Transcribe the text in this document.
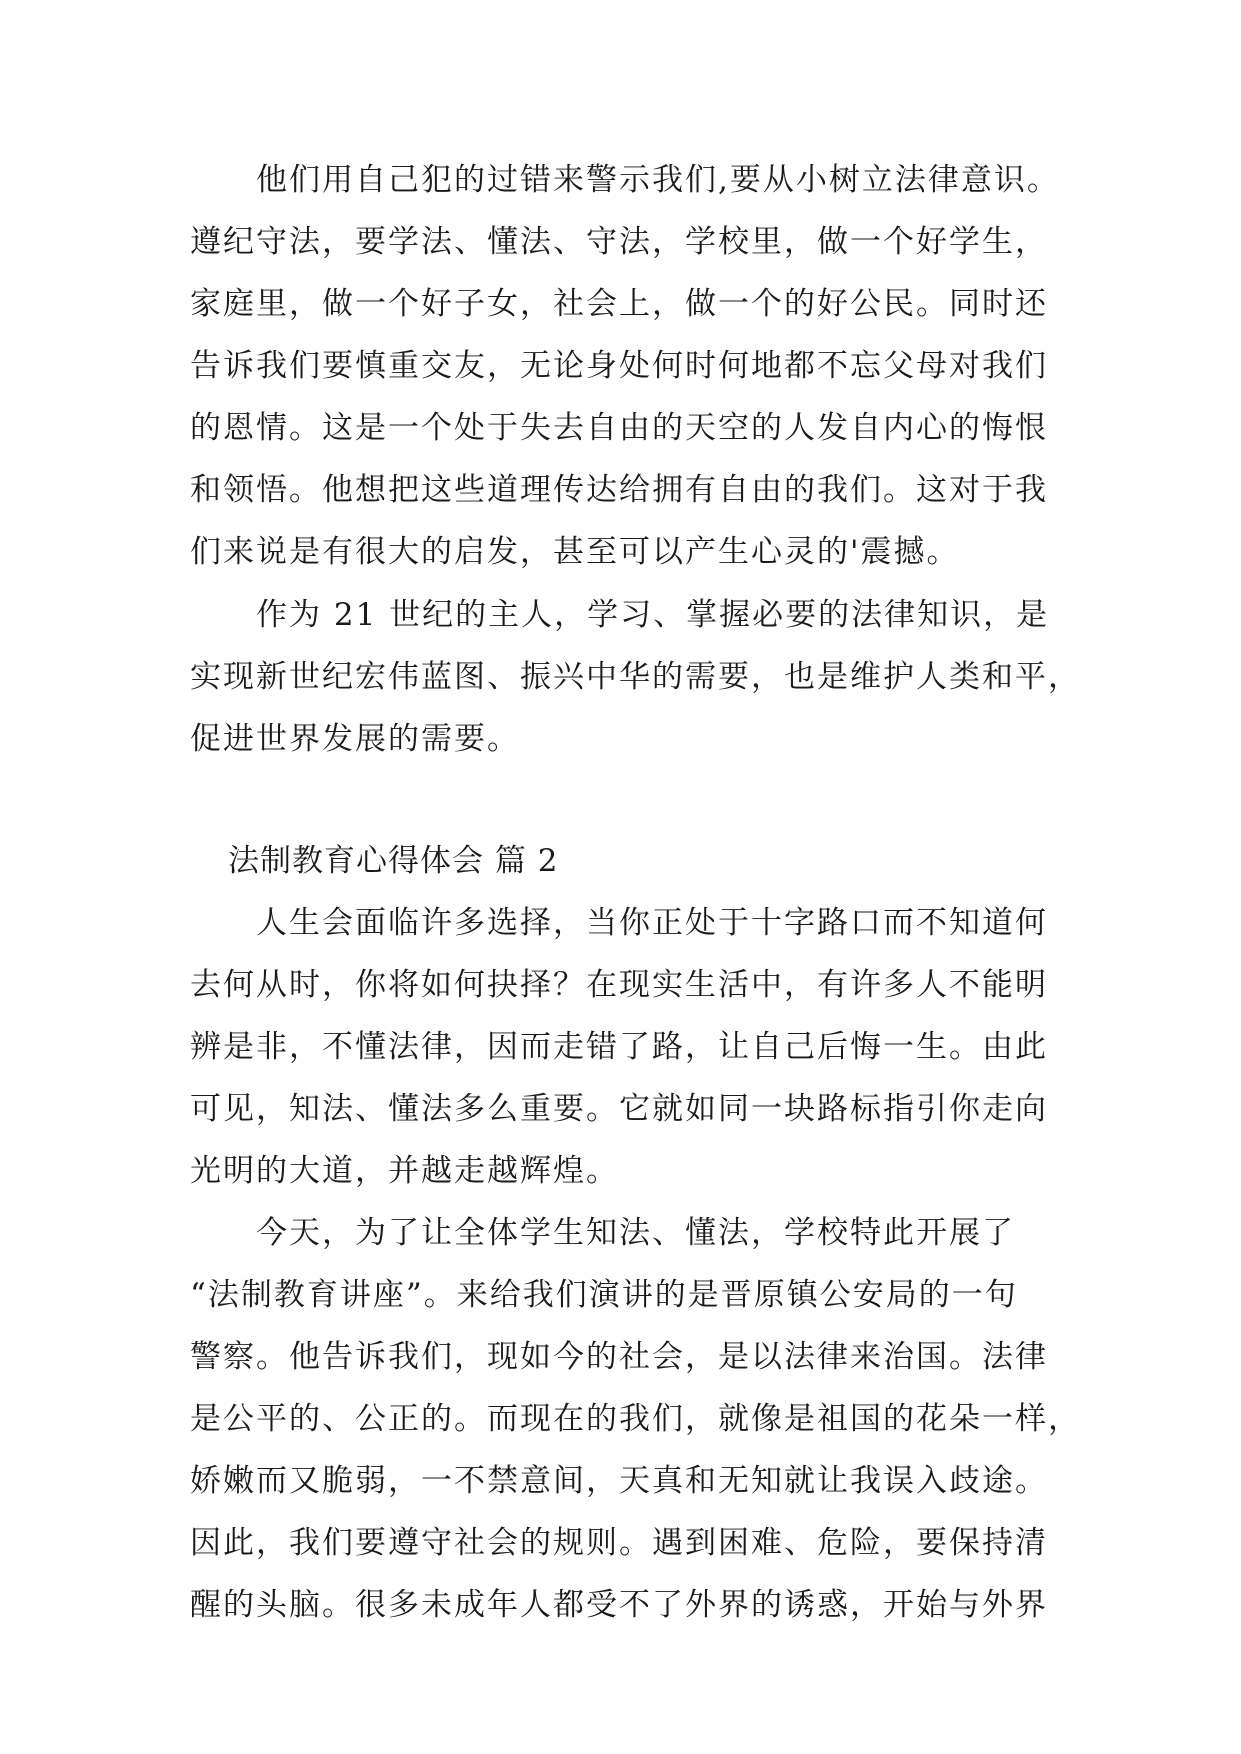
他们用自己犯的过错来警示我们,要从小树立法律意识。
遵纪守法，要学法、懂法、守法，学校里，做一个好学生，
家庭里，做一个好子女，社会上，做一个的好公民。同时还
告诉我们要慎重交友，无论身处何时何地都不忘父母对我们
的恩情。这是一个处于失去自由的天空的人发自内心的悔恨
和领悟。他想把这些道理传达给拥有自由的我们。这对于我
们来说是有很大的启发，甚至可以产生心灵的'震撼。
作为 21 世纪的主人，学习、掌握必要的法律知识，是
实现新世纪宏伟蓝图、振兴中华的需要，也是维护人类和平，
促进世界发展的需要。
法制教育心得体会 篇 2
人生会面临许多选择，当你正处于十字路口而不知道何
去何从时，你将如何抉择？在现实生活中，有许多人不能明
辨是非，不懂法律，因而走错了路，让自己后悔一生。由此
可见，知法、懂法多么重要。它就如同一块路标指引你走向
光明的大道，并越走越辉煌。
今天，为了让全体学生知法、懂法，学校特此开展了
“法制教育讲座”。来给我们演讲的是晋原镇公安局的一句
警察。他告诉我们，现如今的社会，是以法律来治国。法律
是公平的、公正的。而现在的我们，就像是祖国的花朵一样，
娇嫩而又脆弱，一不禁意间，天真和无知就让我误入歧途。
因此，我们要遵守社会的规则。遇到困难、危险，要保持清
醒的头脑。很多未成年人都受不了外界的诱惑，开始与外界
